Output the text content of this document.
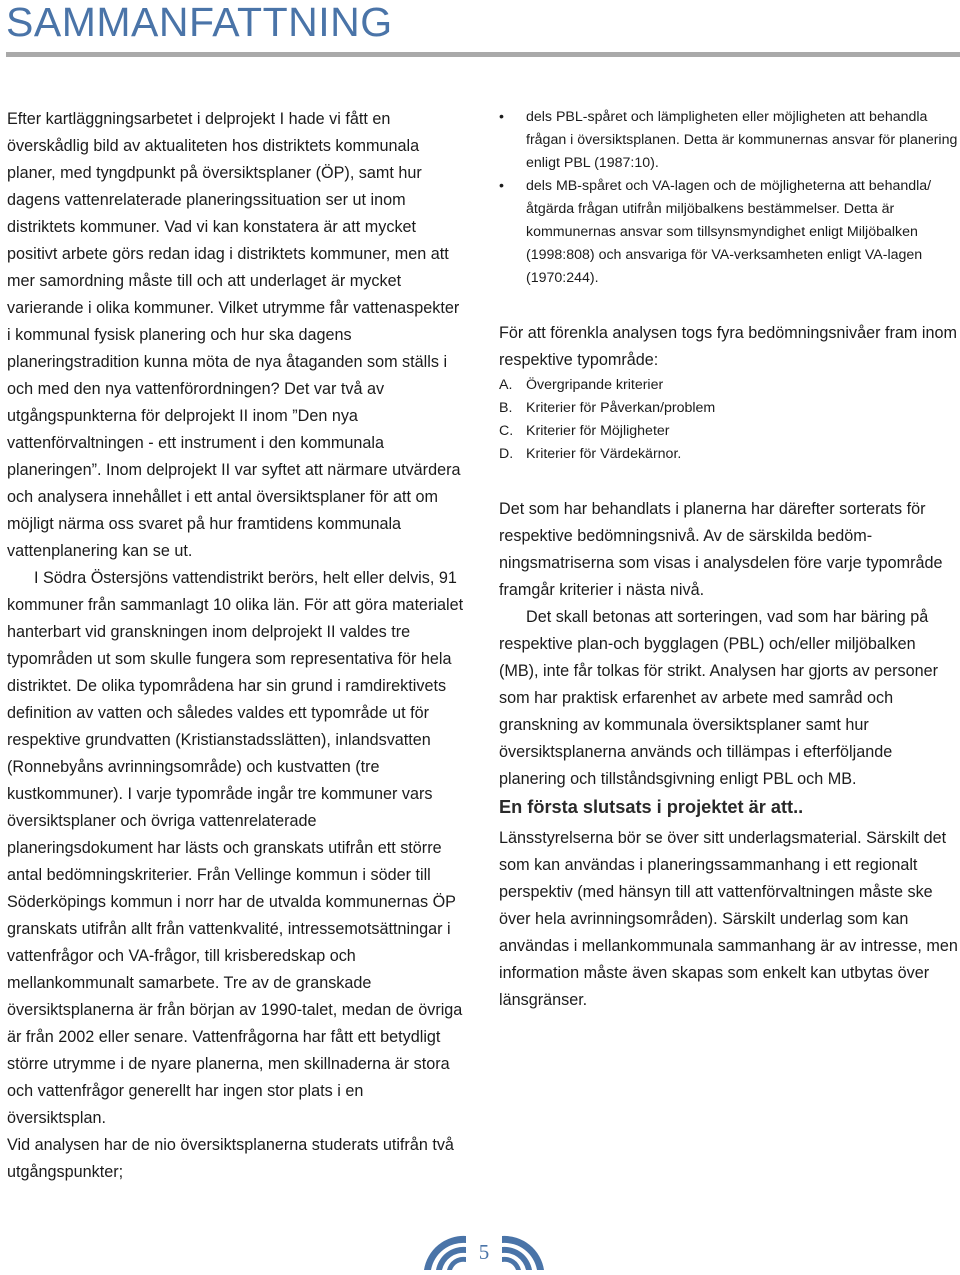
SAMMANFATTNING

Efter kartläggningsarbetet i delprojekt I hade vi fått en överskådlig bild av aktualiteten hos distriktets kommunala planer, med tyngdpunkt på översiktsplaner (ÖP), samt hur dagens vattenrelaterade planeringssituation ser ut inom distriktets kommuner. Vad vi kan konstatera är att mycket positivt arbete görs redan idag i distriktets kommuner, men att mer samordning måste till och att underlaget är mycket varierande i olika kommuner. Vilket utrymme får vattenaspekter i kommunal fysisk planering och hur ska dagens planeringstradition kunna möta de nya åtaganden som ställs i och med den nya vattenförordningen? Det var två av utgångspunkterna för delprojekt II inom ”Den nya vattenförvaltningen - ett instrument i den kommunala planeringen”. Inom delprojekt II var syftet att närmare utvärdera och analysera innehållet i ett antal översiktsplaner för att om möjligt närma oss svaret på hur framtidens kommunala vattenplanering kan se ut.

I Södra Östersjöns vattendistrikt berörs, helt eller delvis, 91 kommuner från sammanlagt 10 olika län. För att göra materialet hanterbart vid granskningen inom delprojekt II valdes tre typområden ut som skulle fungera som representativa för hela distriktet. De olika typområdena har sin grund i ramdirektivets definition av vatten och således valdes ett typområde ut för respektive grundvatten (Kristianstadsslätten), inlandsvatten (Ronnebyåns avrinningsområde) och kustvatten (tre kustkommuner). I varje typområde ingår tre kommuner vars översiktsplaner och övriga vattenrelaterade planeringsdokument har lästs och granskats utifrån ett större antal bedömningskriterier. Från Vellinge kommun i söder till Söderköpings kommun i norr har de utvalda kommunernas ÖP granskats utifrån allt från vattenkvalité, intressemotsättningar i vattenfrågor och VA-frågor, till krisberedskap och mellankommunalt samarbete. Tre av de granskade översiktsplanerna är från början av 1990-talet, medan de övriga är från 2002 eller senare. Vattenfrågorna har fått ett betydligt större utrymme i de nyare planerna, men skillnaderna är stora och vattenfrågor generellt har ingen stor plats i en översiktsplan.

Vid analysen har de nio översiktsplanerna studerats utifrån två utgångspunkter;

• dels PBL-spåret och lämpligheten eller möjligheten att behandla frågan i översiktsplanen. Detta är kommunernas ansvar för planering enligt PBL (1987:10).
• dels MB-spåret och VA-lagen och de möjligheterna att behandla/åtgärda frågan utifrån miljöbalkens bestämmelser. Detta är kommunernas ansvar som tillsynsmyndighet enligt Miljöbalken (1998:808) och ansvariga för VA-verksamheten enligt VA-lagen (1970:244).

För att förenkla analysen togs fyra bedömningsnivåer fram inom respektive typområde:

A. Övergripande kriterier
B. Kriterier för Påverkan/problem
C. Kriterier för Möjligheter
D. Kriterier för Värdekärnor.

Det som har behandlats i planerna har därefter sorterats för respektive bedömningsnivå. Av de särskilda bedömningsmatriserna som visas i analysdelen före varje typområde framgår kriterier i nästa nivå.

Det skall betonas att sorteringen, vad som har bäring på respektive plan-och bygglagen (PBL) och/eller miljöbalken (MB), inte får tolkas för strikt. Analysen har gjorts av personer som har praktisk erfarenhet av arbete med samråd och granskning av kommunala översiktsplaner samt hur översiktsplanerna används och tillämpas i efterföljande planering och tillståndsgivning enligt PBL och MB.

En första slutsats i projektet är att..

Länsstyrelserna bör se över sitt underlagsmaterial. Särskilt det som kan användas i planeringssammanhang i ett regionalt perspektiv (med hänsyn till att vattenförvaltningen måste ske över hela avrinningsområden). Särskilt underlag som kan användas i mellankommunala sammanhang är av intresse, men information måste även skapas som enkelt kan utbytas över länsgränser.

5
